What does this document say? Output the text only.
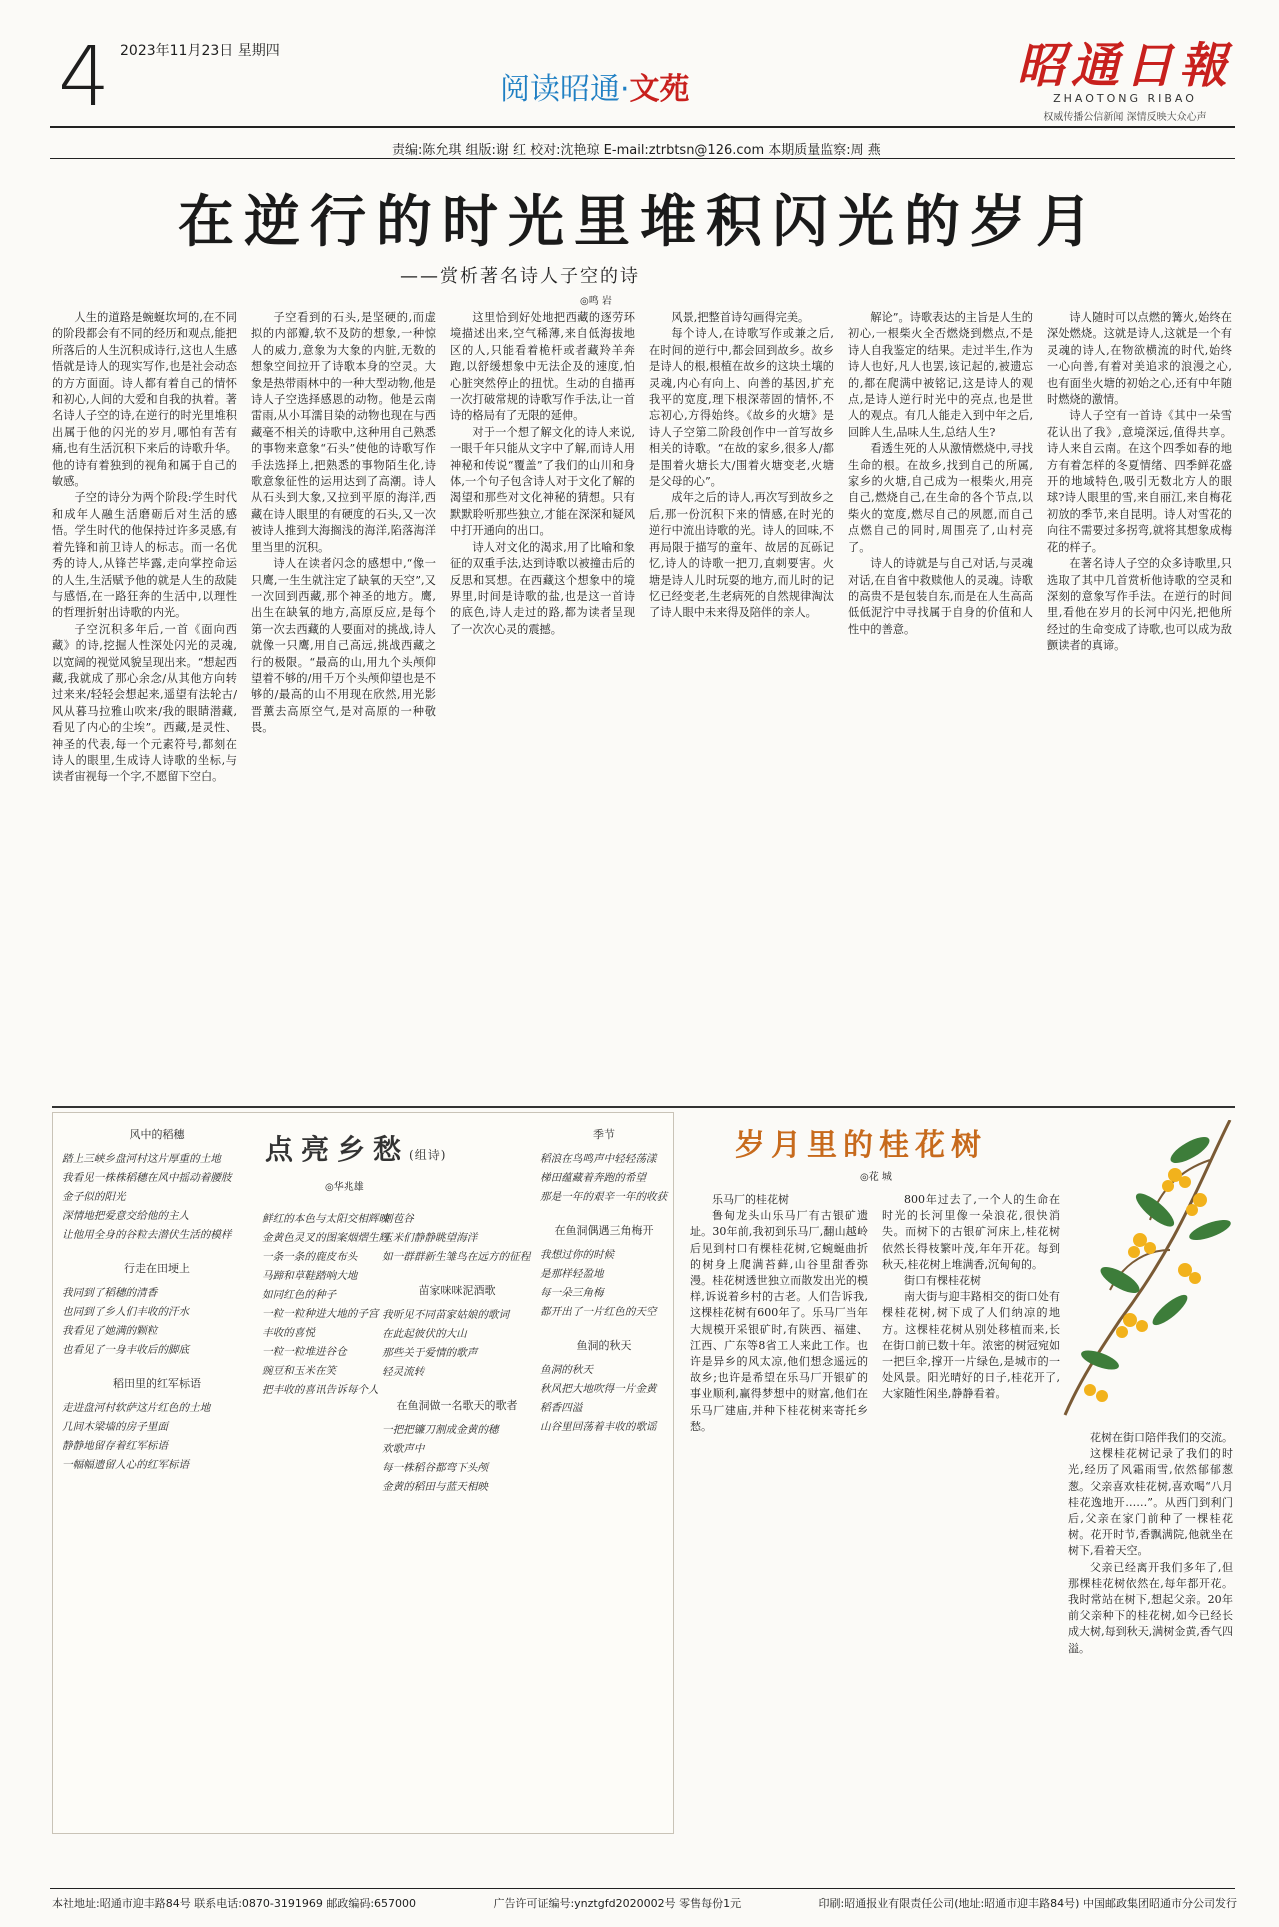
4 2023年11月23日 星期四
阅读昭通·文苑	昭通日報
ZHAOTONG RIBAO
权威传播公信新闻 深情反映大众心声
责编:陈允琪 组版:谢 红 校对:沈艳琼 E-mail:ztrbtsn@126.com 本期质量监察:周 燕
在逆行的时光里堆积闪光的岁月
——赏析著名诗人子空的诗
◎鸣 岩

人生的道路是蜿蜒坎坷的,在不同的阶段都会有不同的经历和观点,能把所落后的人生沉积成诗行,这也人生感悟就是诗人的现实写作,也是社会动态的方方面面。诗人都有着自己的情怀和初心,人间的大爱和自我的执着。著名诗人子空的诗,在逆行的时光里堆积出属于他的闪光的岁月,哪怕有苦有痛,也有生活沉积下来后的诗歌升华。他的诗有着独到的视角和属于自己的敏感。

子空的诗分为两个阶段:学生时代和成年人融生活磨砺后对生活的感悟。学生时代的他保持过许多灵感,有着先锋和前卫诗人的标志。而一名优秀的诗人,从锋芒毕露,走向掌控命运的人生,生活赋予他的就是人生的敌陡与感悟,在一路狂奔的生活中,以理性的哲理折射出诗歌的内光。

子空沉积多年后,一首《面向西藏》的诗,挖掘人性深处闪光的灵魂,以宽阔的视觉风貌呈现出来。“想起西藏,我就成了那心余念/从其他方向转过来来/轻轻会想起来,遥望有法轮古/风从暮马拉雅山吹来/我的眼睛潜藏,看见了内心的尘埃”。西藏,是灵性、神圣的代表,每一个元素符号,都刻在诗人的眼里,生成诗人诗歌的坐标,与读者宙视每一个字,不愿留下空白。

子空看到的石头,是坚硬的,而虚拟的内部瓣,软不及防的想象,一种惊人的威力,意象为大象的内脏,无数的想象空间拉开了诗歌本身的空灵。大象是热带雨林中的一种大型动物,他是诗人子空选择感恩的动物。他是云南雷雨,从小耳濡目染的动物也现在与西藏毫不相关的诗歌中,这种用自己熟悉的事物来意象“石头”使他的诗歌写作手法选择上,把熟悉的事物陌生化,诗歌意象征性的运用达到了高潮。诗人从石头到大象,又拉到平原的海洋,西藏在诗人眼里的有硬度的石头,又一次被诗人推到大海搁浅的海洋,陷落海洋里当里的沉积。

诗人在读者闪念的感想中,“像一只鹰,一生生就注定了缺氧的天空”,又一次回到西藏,那个神圣的地方。鹰,出生在缺氧的地方,高原反应,是每个第一次去西藏的人要面对的挑战,诗人就像一只鹰,用自己高远,挑战西藏之行的极限。“最高的山,用九个头颅仰望着不够的/用千万个头颅仰望也是不够的/最高的山不用现在欣然,用光影晋薰去高原空气,是对高原的一种敬畏。

这里恰到好处地把西藏的逐劳环境描述出来,空气稀薄,来自低海拔地区的人,只能看着桅杆或者藏羚羊奔跑,以舒缓想象中无法企及的速度,怕心脏突然停止的扭忧。生动的自描再一次打破常规的诗歌写作手法,让一首诗的格局有了无限的延伸。

对于一个想了解文化的诗人来说,一眼千年只能从文字中了解,而诗人用神秘和传说“覆盖”了我们的山川和身体,一个句子包含诗人对于文化了解的渴望和那些对文化神秘的猜想。只有默默聆听那些独立,才能在深深和疑风中打开通向的出口。

诗人对文化的渴求,用了比喻和象征的双重手法,达到诗歌以被撞击后的反思和冥想。在西藏这个想象中的境界里,时间是诗歌的盐,也是这一首诗的底色,诗人走过的路,都为读者呈现了一次次心灵的震撼。

风景,把整首诗勾画得完美。

每个诗人,在诗歌写作或兼之后,在时间的逆行中,都会回到故乡。故乡是诗人的根,根植在故乡的这块土壤的灵魂,内心有向上、向善的基因,扩充我平的宽度,理下根深蒂固的情怀,不忘初心,方得始终。《故乡的火塘》是诗人子空第二阶段创作中一首写故乡相关的诗歌。“在故的家乡,很多人/都是围着火塘长大/围着火塘变老,火塘是父母的心”。

成年之后的诗人,再次写到故乡之后,那一份沉积下来的情感,在时光的逆行中流出诗歌的光。诗人的回味,不再局限于描写的童年、故居的瓦砾记忆,诗人的诗歌一把刀,直刺要害。火塘是诗人儿时玩耍的地方,而儿时的记忆已经变老,生老病死的自然规律淘汰了诗人眼中未来得及陪伴的亲人。

解论”。诗歌表达的主旨是人生的初心,一根柴火全否燃烧到燃点,不是诗人自我鉴定的结果。走过半生,作为诗人也好,凡人也罢,该记起的,被遗忘的,都在爬满中被铭记,这是诗人的观点,是诗人逆行时光中的亮点,也是世人的观点。有几人能走入到中年之后,回眸人生,品味人生,总结人生?

看透生死的人从激情燃烧中,寻找生命的根。在故乡,找到自己的所属,家乡的火塘,自己成为一根柴火,用亮自己,燃烧自己,在生命的各个节点,以柴火的宽度,燃尽自己的夙愿,而自己点燃自己的同时,周围亮了,山村亮了。

诗人的诗就是与自己对话,与灵魂对话,在自省中救赎他人的灵魂。诗歌的高贵不是包装自东,而是在人生高高低低泥泞中寻找属于自身的价值和人性中的善意。

诗人随时可以点燃的篝火,始终在深处燃烧。这就是诗人,这就是一个有灵魂的诗人,在物欲横流的时代,始终一心向善,有着对美追求的浪漫之心,也有面坐火塘的初始之心,还有中年随时燃烧的激情。

诗人子空有一首诗《其中一朵雪花认出了我》,意境深远,值得共享。诗人来自云南。在这个四季如春的地方有着怎样的冬夏情绪、四季鲜花盛开的地域特色,吸引无数北方人的眼球?诗人眼里的雪,来自丽江,来自梅花初放的季节,来自昆明。诗人对雪花的向往不需要过多拐弯,就将其想象成梅花的样子。

在著名诗人子空的众多诗歌里,只选取了其中几首赏析他诗歌的空灵和深刻的意象写作手法。在逆行的时间里,看他在岁月的长河中闪光,把他所经过的生命变成了诗歌,也可以成为敌颤读者的真谛。

点亮乡愁(组诗)
◎华兆雄
风中的稻穗
踏上三峡乡盘河村这片厚重的土地
我看见一株株稻穗在风中摇动着腰肢
金子似的阳光
深情地把爱意交给他的主人
让他用全身的谷粒去潜伏生活的模样
行走在田埂上
我同到了稻穗的清香
也同到了乡人们丰收的汗水
我看见了她满的颗粒
也看见了一身丰收后的脚底
稻田里的红军标语
走进盘河村软萨这片红色的土地
几间木梁墙的房子里面
静静地留存着红军标语
一幅幅遗留人心的红军标语
鲜红的本色与太阳交相辉映
金黄色灵叉的图案烟熠生辉
一条一条的鹿皮布头
马蹄和草鞋踏响大地
如同红色的种子
一粒一粒种进大地的子宫
丰收的喜悦
一粒一粒堆进谷仓
豌豆和玉米在笑
把丰收的喜讯告诉每个人
刺苞谷
玉米们静静眺望海洋
如一群群新生雏鸟在远方的征程
苗家咪咪泥酒歌
我听见不同苗家姑娘的歌词
在此起彼伏的大山
那些关于爱情的歌声
轻灵流转
在鱼洞做一名歌天的歌者
一把把镰刀割成金黄的穗
欢歌声中
每一株稻谷都弯下头颅
金黄的稻田与蓝天相映
季节
稻浪在鸟鸣声中轻轻荡漾
梯田蕴藏着奔跑的希望
那是一年的艰辛一年的收获
在鱼洞偶遇三角梅开
我想过你的时候
是那样轻盈地
每一朵三角梅
都开出了一片红色的天空
鱼洞的秋天
鱼洞的秋天
秋风把大地吹得一片金黄
稻香四溢
山谷里回荡着丰收的歌谣
岁月里的桂花树
◎花 城

乐马厂的桂花树

鲁甸龙头山乐马厂有古银矿遗址。30年前,我初到乐马厂,翻山越岭后见到村口有棵桂花树,它蜿蜒曲折的树身上爬满苔藓,山谷里甜香弥漫。桂花树透世独立而散发出光的模样,诉说着乡村的古老。人们告诉我,这棵桂花树有600年了。乐马厂当年大规模开采银矿时,有陕西、福建、江西、广东等8省工人来此工作。也许是异乡的风太凉,他们想念遥远的故乡;也许是希望在乐马厂开银矿的事业顺利,赢得梦想中的财富,他们在乐马厂建庙,并种下桂花树来寄托乡愁。

800年过去了,一个人的生命在时光的长河里像一朵浪花,很快消失。而树下的古银矿河床上,桂花树依然长得枝繁叶茂,年年开花。每到秋天,桂花树上堆满香,沉甸甸的。

街口有棵桂花树

南大街与迎丰路相交的街口处有棵桂花树,树下成了人们纳凉的地方。这棵桂花树从别处移植而来,长在街口前已数十年。浓密的树冠宛如一把巨伞,撑开一片绿色,是城市的一处风景。阳光晴好的日子,桂花开了,大家随性闲坐,静静看着。

花树在街口陪伴我们的交流。

这棵桂花树记录了我们的时光,经历了风霜雨雪,依然郁郁葱葱。父亲喜欢桂花树,喜欢喝“八月桂花逸地开……”。从西门到利门后,父亲在家门前种了一棵桂花树。花开时节,香飘满院,他就坐在树下,看着天空。

父亲已经离开我们多年了,但那棵桂花树依然在,每年都开花。我时常站在树下,想起父亲。20年前父亲种下的桂花树,如今已经长成大树,每到秋天,满树金黄,香气四溢。

本社地址:昭通市迎丰路84号 联系电话:0870-3191969 邮政编码:657000	广告许可证编号:ynztgfd2020002号 零售每份1元	印刷:昭通报业有限责任公司(地址:昭通市迎丰路84号) 中国邮政集团昭通市分公司发行
